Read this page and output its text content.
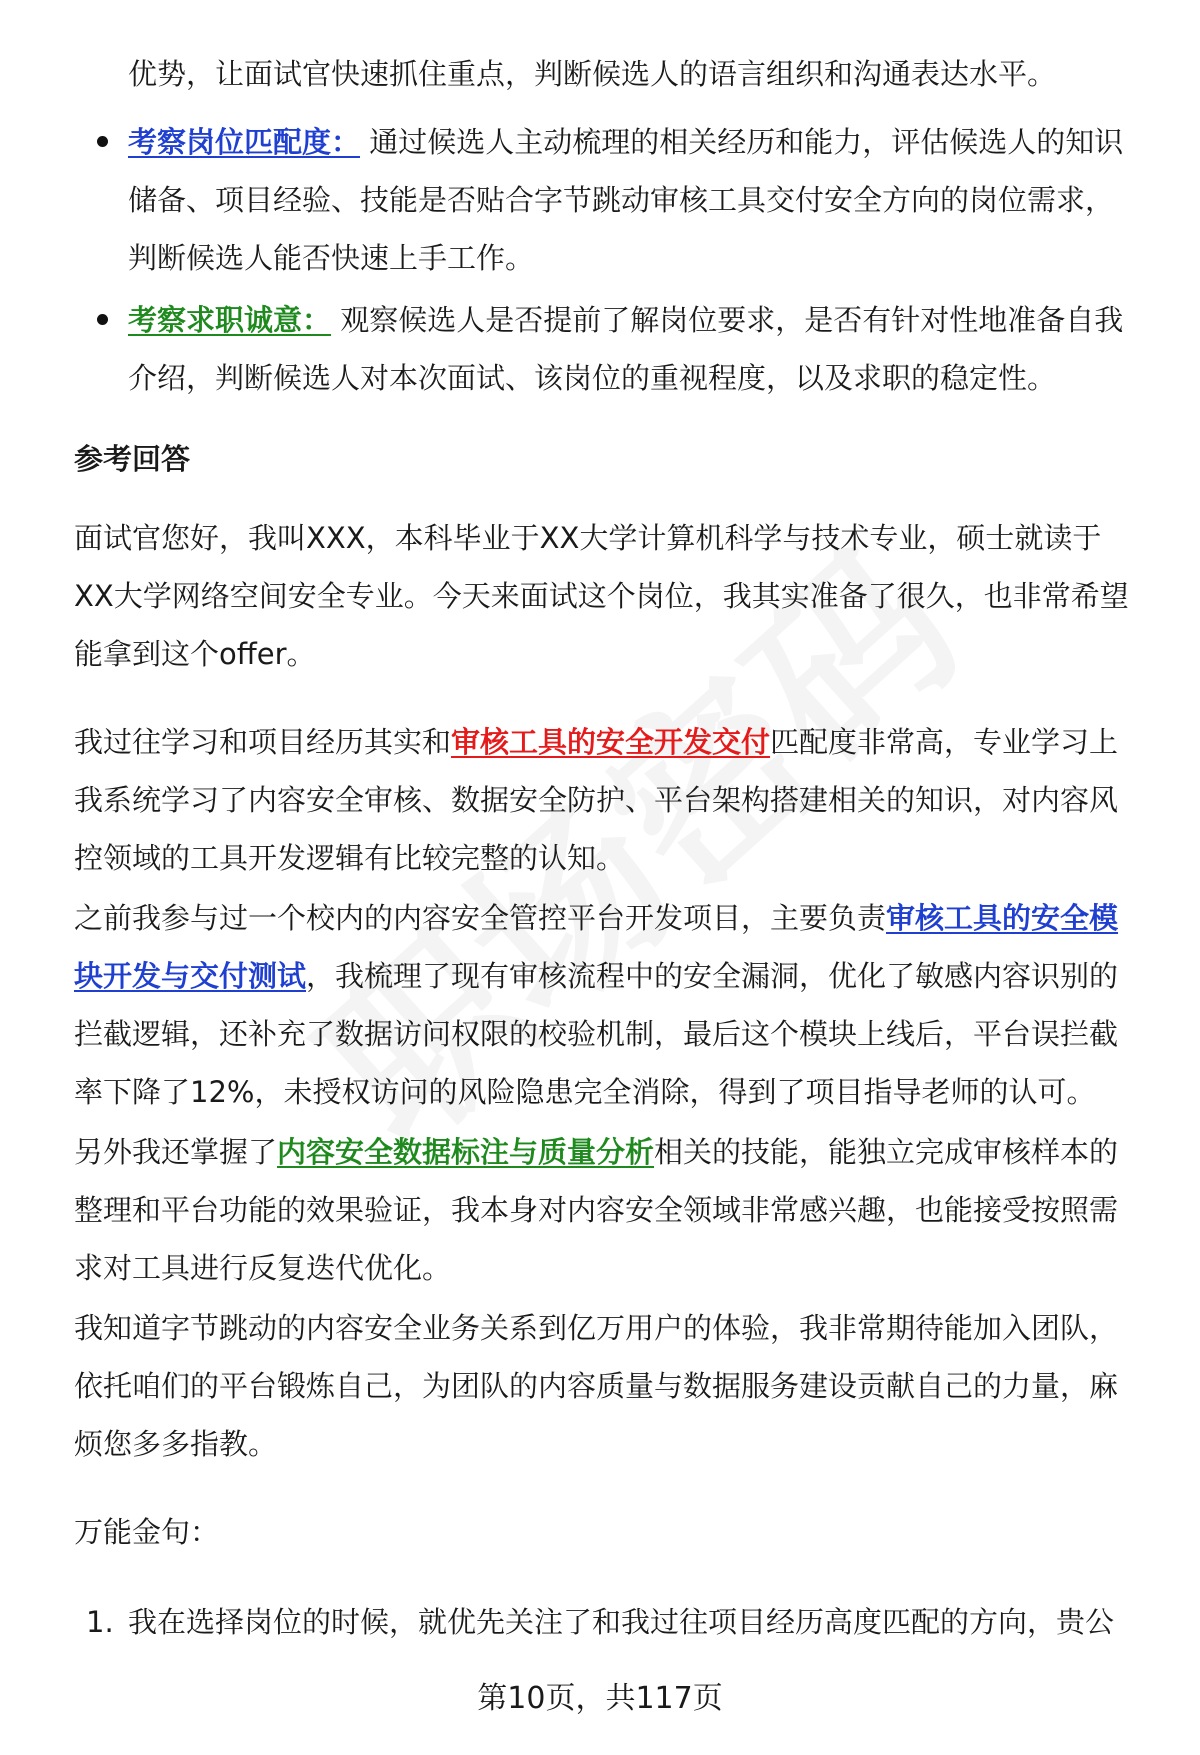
优势，让面试官快速抓住重点，判断候选人的语言组织和沟通表达水平。
考察岗位匹配度： 通过候选人主动梳理的相关经历和能力，评估候选人的知识
储备、项目经验、技能是否贴合字节跳动审核工具交付安全方向的岗位需求，
判断候选人能否快速上手工作。
考察求职诚意： 观察候选人是否提前了解岗位要求，是否有针对性地准备自我
介绍，判断候选人对本次面试、该岗位的重视程度，以及求职的稳定性。
参考回答
面试官您好，我叫XXX，本科毕业于XX大学计算机科学与技术专业，硕士就读于
XX大学网络空间安全专业。今天来面试这个岗位，我其实准备了很久，也非常希望
能拿到这个offer。
我过往学习和项目经历其实和审核工具的安全开发交付匹配度非常高，专业学习上
我系统学习了内容安全审核、数据安全防护、平台架构搭建相关的知识，对内容风
控领域的工具开发逻辑有比较完整的认知。
之前我参与过一个校内的内容安全管控平台开发项目，主要负责审核工具的安全模
块开发与交付测试，我梳理了现有审核流程中的安全漏洞，优化了敏感内容识别的
拦截逻辑，还补充了数据访问权限的校验机制，最后这个模块上线后，平台误拦截
率下降了12%，未授权访问的风险隐患完全消除，得到了项目指导老师的认可。
另外我还掌握了内容安全数据标注与质量分析相关的技能，能独立完成审核样本的
整理和平台功能的效果验证，我本身对内容安全领域非常感兴趣，也能接受按照需
求对工具进行反复迭代优化。
我知道字节跳动的内容安全业务关系到亿万用户的体验，我非常期待能加入团队，
依托咱们的平台锻炼自己，为团队的内容质量与数据服务建设贡献自己的力量，麻
烦您多多指教。
万能金句：
1. 我在选择岗位的时候，就优先关注了和我过往项目经历高度匹配的方向，贵公
第10页，共117页
